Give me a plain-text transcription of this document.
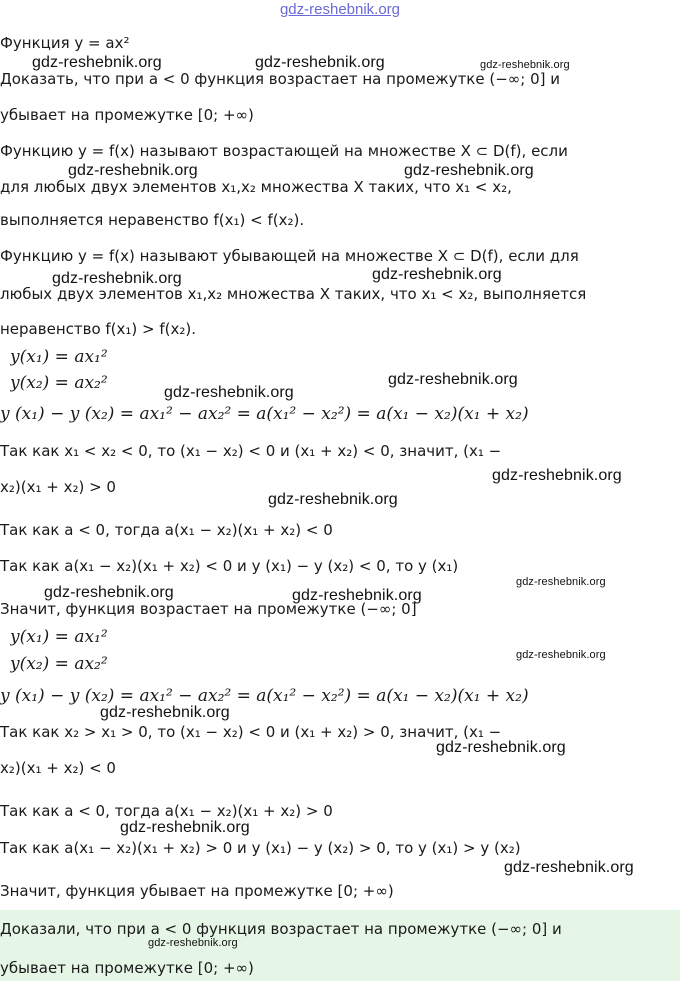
gdz-reshebnik.org
Функция y = ax²
Доказать, что при a < 0 функция возрастает на промежутке (−∞; 0] и
убывает на промежутке [0; +∞)
Функцию y = f(x) называют возрастающей на множестве X ⊂ D(f), если
для любых двух элементов x₁,x₂ множества X таких, что x₁ < x₂,
выполняется неравенство f(x₁) < f(x₂).
Функцию y = f(x) называют убывающей на множестве X ⊂ D(f), если для
любых двух элементов x₁,x₂ множества X таких, что x₁ < x₂, выполняется
неравенство f(x₁) > f(x₂).
y(x₁) = ax₁²
y(x₂) = ax₂²
y (x₁) − y (x₂) = ax₁² − ax₂² = a(x₁² − x₂²) = a(x₁ − x₂)(x₁ + x₂)
Так как x₁ < x₂ < 0, то (x₁ − x₂) < 0 и (x₁ + x₂) < 0, значит, (x₁ −
x₂)(x₁ + x₂) > 0
Так как a < 0, тогда a(x₁ − x₂)(x₁ + x₂) < 0
Так как a(x₁ − x₂)(x₁ + x₂) < 0 и y (x₁) − y (x₂) < 0, то y (x₁)
Значит, функция возрастает на промежутке (−∞; 0]
y(x₁) = ax₁²
y(x₂) = ax₂²
y (x₁) − y (x₂) = ax₁² − ax₂² = a(x₁² − x₂²) = a(x₁ − x₂)(x₁ + x₂)
Так как x₂ > x₁ > 0, то (x₁ − x₂) < 0 и (x₁ + x₂) > 0, значит, (x₁ −
x₂)(x₁ + x₂) < 0
Так как a < 0, тогда a(x₁ − x₂)(x₁ + x₂) > 0
Так как a(x₁ − x₂)(x₁ + x₂) > 0 и y (x₁) − y (x₂) > 0, то y (x₁) > y (x₂)
Значит, функция убывает на промежутке [0; +∞)
Доказали, что при a < 0 функция возрастает на промежутке (−∞; 0] и
убывает на промежутке [0; +∞)
gdz-reshebnik.org	gdz-reshebnik.org	gdz-reshebnik.org
gdz-reshebnik.org	gdz-reshebnik.org
gdz-reshebnik.org	gdz-reshebnik.org
gdz-reshebnik.org
gdz-reshebnik.org
gdz-reshebnik.org
gdz-reshebnik.org
gdz-reshebnik.org	gdz-reshebnik.org
gdz-reshebnik.org
gdz-reshebnik.org
gdz-reshebnik.org
gdz-reshebnik.org
gdz-reshebnik.org
gdz-reshebnik.org
gdz-reshebnik.org
